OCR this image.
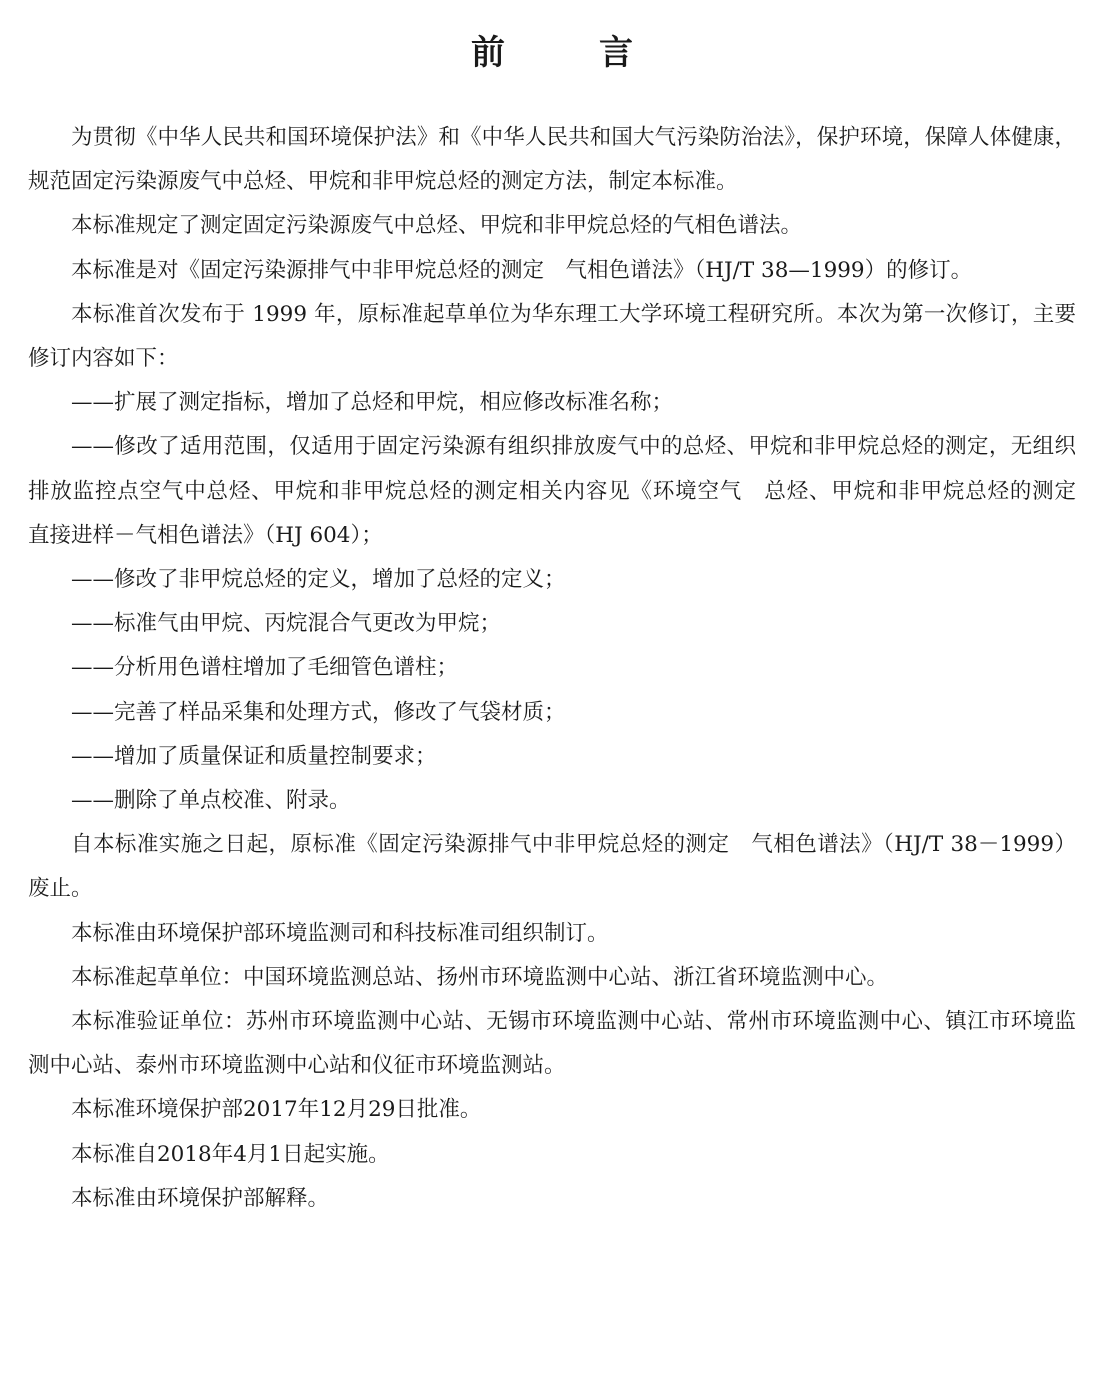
前　言

为贯彻《中华人民共和国环境保护法》和《中华人民共和国大气污染防治法》，保护环境，保障人体健康，规范固定污染源废气中总烃、甲烷和非甲烷总烃的测定方法，制定本标准。

本标准规定了测定固定污染源废气中总烃、甲烷和非甲烷总烃的气相色谱法。

本标准是对《固定污染源排气中非甲烷总烃的测定　气相色谱法》（HJ/T 38—1999）的修订。

本标准首次发布于 1999 年，原标准起草单位为华东理工大学环境工程研究所。本次为第一次修订，主要修订内容如下：

——扩展了测定指标，增加了总烃和甲烷，相应修改标准名称；

——修改了适用范围，仅适用于固定污染源有组织排放废气中的总烃、甲烷和非甲烷总烃的测定，无组织排放监控点空气中总烃、甲烷和非甲烷总烃的测定相关内容见《环境空气　总烃、甲烷和非甲烷总烃的测定　直接进样－气相色谱法》（HJ 604）；

——修改了非甲烷总烃的定义，增加了总烃的定义；

——标准气由甲烷、丙烷混合气更改为甲烷；

——分析用色谱柱增加了毛细管色谱柱；

——完善了样品采集和处理方式，修改了气袋材质；

——增加了质量保证和质量控制要求；

——删除了单点校准、附录。

自本标准实施之日起，原标准《固定污染源排气中非甲烷总烃的测定　气相色谱法》（HJ/T 38－1999）废止。

本标准由环境保护部环境监测司和科技标准司组织制订。

本标准起草单位：中国环境监测总站、扬州市环境监测中心站、浙江省环境监测中心。

本标准验证单位：苏州市环境监测中心站、无锡市环境监测中心站、常州市环境监测中心、镇江市环境监测中心站、泰州市环境监测中心站和仪征市环境监测站。

本标准环境保护部2017年12月29日批准。

本标准自2018年4月1日起实施。

本标准由环境保护部解释。
